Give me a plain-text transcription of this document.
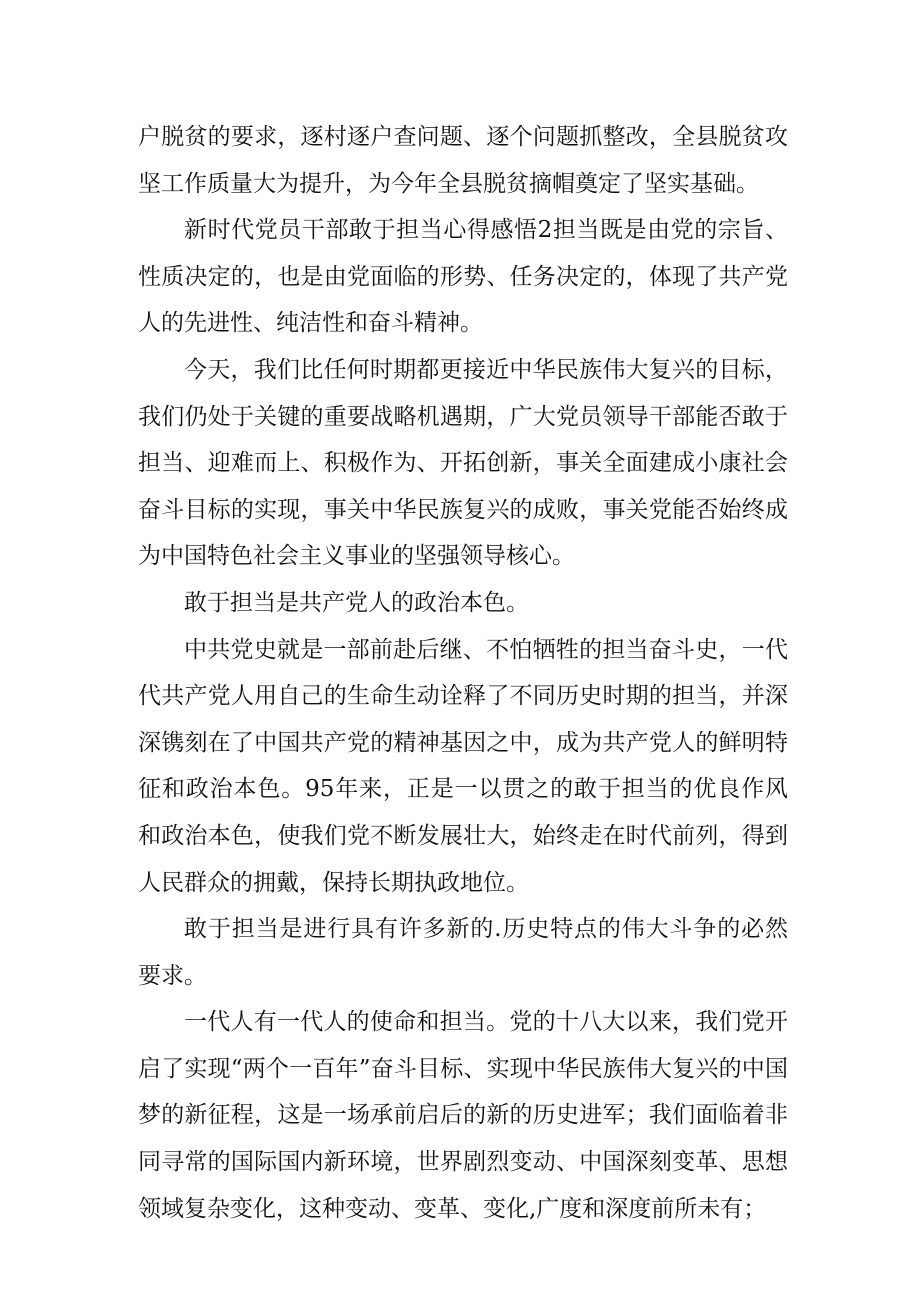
户脱贫的要求，逐村逐户查问题、逐个问题抓整改，全县脱贫攻坚工作质量大为提升，为今年全县脱贫摘帽奠定了坚实基础。

新时代党员干部敢于担当心得感悟2担当既是由党的宗旨、性质决定的，也是由党面临的形势、任务决定的，体现了共产党人的先进性、纯洁性和奋斗精神。

今天，我们比任何时期都更接近中华民族伟大复兴的目标，我们仍处于关键的重要战略机遇期，广大党员领导干部能否敢于担当、迎难而上、积极作为、开拓创新，事关全面建成小康社会奋斗目标的实现，事关中华民族复兴的成败，事关党能否始终成为中国特色社会主义事业的坚强领导核心。

敢于担当是共产党人的政治本色。

中共党史就是一部前赴后继、不怕牺牲的担当奋斗史，一代代共产党人用自己的生命生动诠释了不同历史时期的担当，并深深镌刻在了中国共产党的精神基因之中，成为共产党人的鲜明特征和政治本色。95年来，正是一以贯之的敢于担当的优良作风和政治本色，使我们党不断发展壮大，始终走在时代前列，得到人民群众的拥戴，保持长期执政地位。

敢于担当是进行具有许多新的.历史特点的伟大斗争的必然要求。

一代人有一代人的使命和担当。党的十八大以来，我们党开启了实现“两个一百年”奋斗目标、实现中华民族伟大复兴的中国梦的新征程，这是一场承前启后的新的历史进军；我们面临着非同寻常的国际国内新环境，世界剧烈变动、中国深刻变革、思想领域复杂变化，这种变动、变革、变化,广度和深度前所未有；
